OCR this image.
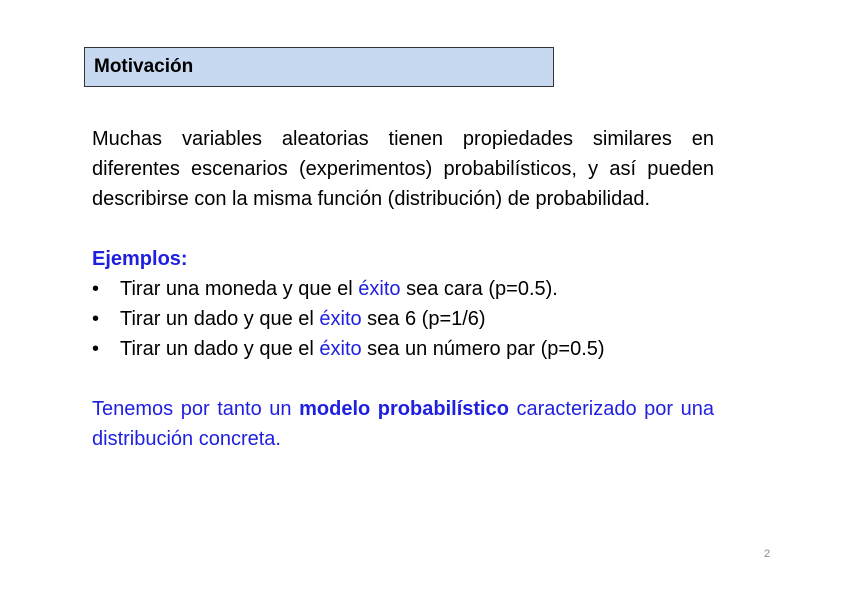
Motivación

Muchas variables aleatorias tienen propiedades similares en diferentes escenarios (experimentos) probabilísticos, y así pueden describirse con la misma función (distribución) de probabilidad.

Ejemplos:
• Tirar una moneda y que el éxito sea cara (p=0.5).
• Tirar un dado y que el éxito sea 6 (p=1/6)
• Tirar un dado y que el éxito sea un número par (p=0.5)

Tenemos por tanto un modelo probabilístico caracterizado por una distribución concreta.

2
